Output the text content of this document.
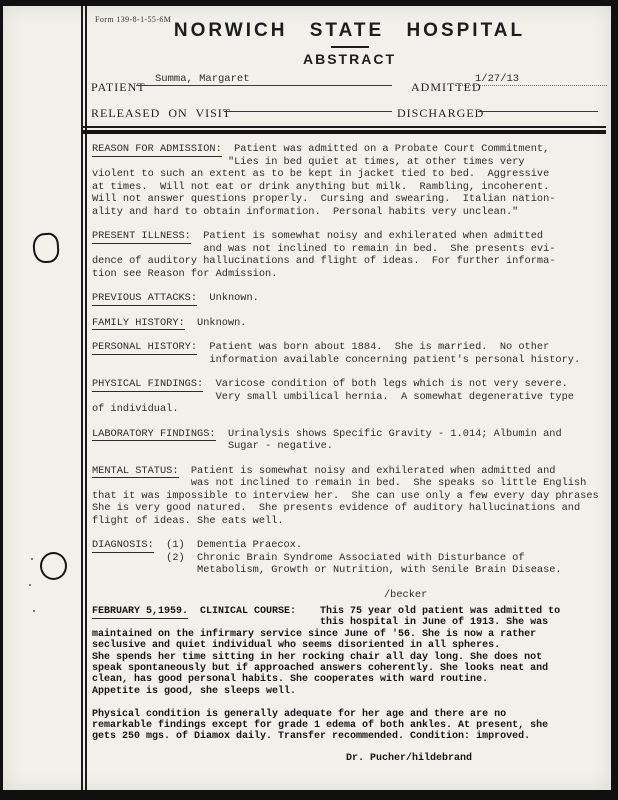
Form 139-8-1-55-6M
NORWICH STATE HOSPITAL
ABSTRACT
PATIENT
Summa, Margaret
ADMITTED
1/27/13
RELEASED  ON  VISIT	DISCHARGED
REASON FOR ADMISSION:  Patient was admitted on a Probate Court Commitment,
"Lies in bed quiet at times, at other times very
violent to such an extent as to be kept in jacket tied to bed.  Aggressive
at times.  Will not eat or drink anything but milk.  Rambling, incoherent.
Will not answer questions properly.  Cursing and swearing.  Italian nation-
ality and hard to obtain information.  Personal habits very unclean."
PRESENT ILLNESS:  Patient is somewhat noisy and exhilerated when admitted
and was not inclined to remain in bed.  She presents evi-
dence of auditory hallucinations and flight of ideas.  For further informa-
tion see Reason for Admission.
PREVIOUS ATTACKS:  Unknown.
FAMILY HISTORY:  Unknown.
PERSONAL HISTORY:  Patient was born about 1884.  She is married.  No other
information available concerning patient's personal history.
PHYSICAL FINDINGS:  Varicose condition of both legs which is not very severe.
Very small umbilical hernia.  A somewhat degenerative type
of individual.
LABORATORY FINDINGS:  Urinalysis shows Specific Gravity - 1.014; Albumin and
Sugar - negative.
MENTAL STATUS:  Patient is somewhat noisy and exhilerated when admitted and
was not inclined to remain in bed.  She speaks so little English
that it was impossible to interview her.  She can use only a few every day phrases
She is very good natured.  She presents evidence of auditory hallucinations and
flight of ideas. She eats well.
DIAGNOSIS:  (1)  Dementia Praecox.
(2)  Chronic Brain Syndrome Associated with Disturbance of
Metabolism, Growth or Nutrition, with Senile Brain Disease.
/becker
FEBRUARY 5,1959.  CLINICAL COURSE:    This 75 year old patient was admitted to
this hospital in June of 1913. She was
maintained on the infirmary service since June of '56. She is now a rather
seclusive and quiet individual who seems disoriented in all spheres.
She spends her time sitting in her rocking chair all day long. She does not
speak spontaneously but if approached answers coherently. She looks neat and
clean, has good personal habits. She cooperates with ward routine.
Appetite is good, she sleeps well.

Physical condition is generally adequate for her age and there are no
remarkable findings except for grade 1 edema of both ankles. At present, she
gets 250 mgs. of Diamox daily. Transfer recommended. Condition: improved.
Dr. Pucher/hildebrand
